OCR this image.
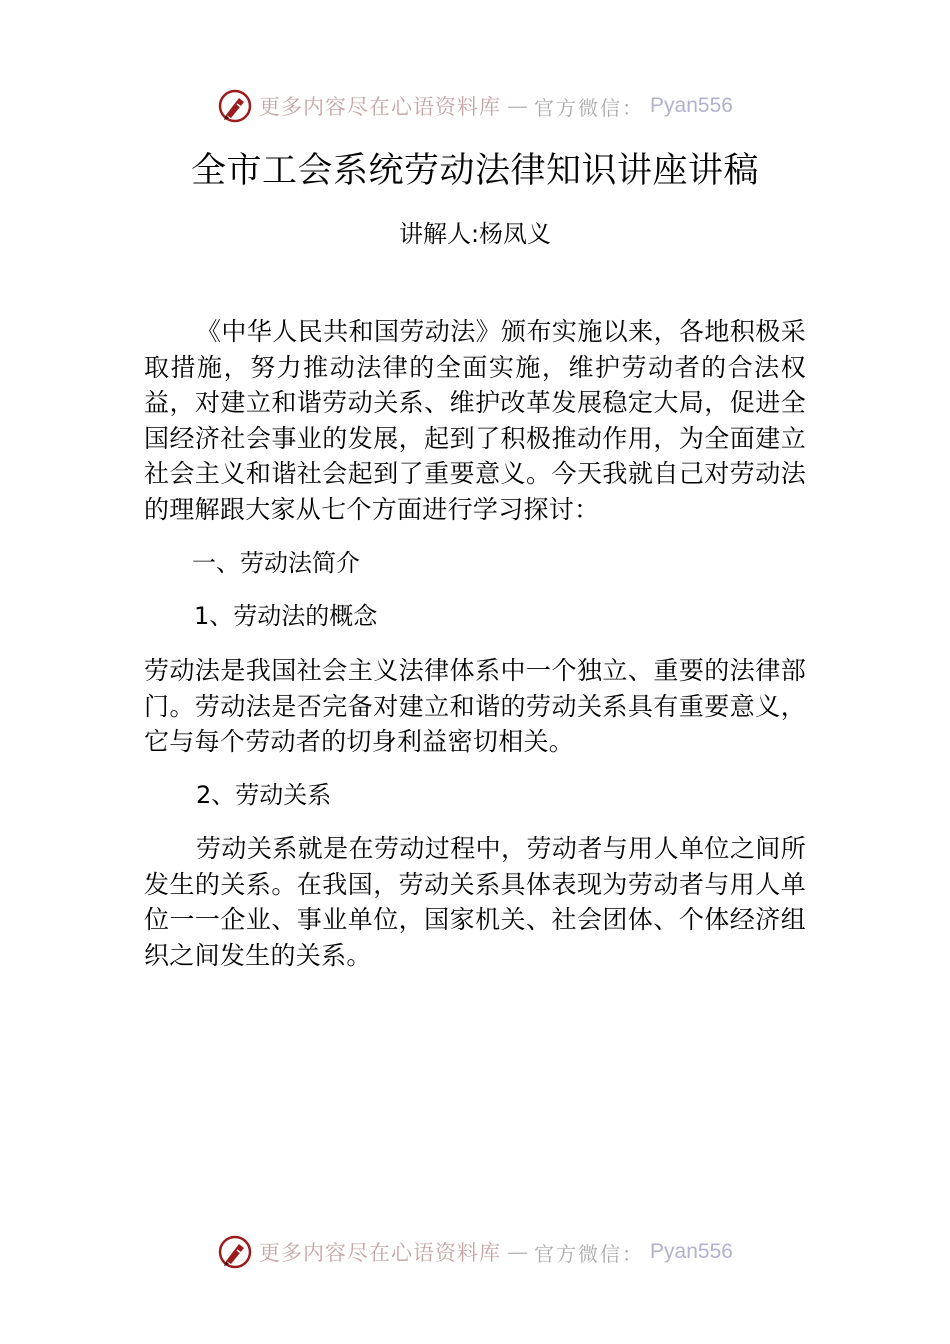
更多内容尽在心语资料库 — 官方微信： Pyan556
全市工会系统劳动法律知识讲座讲稿
讲解人:杨凤义
《中华人民共和国劳动法》颁布实施以来，各地积极采取措施，努力推动法律的全面实施，维护劳动者的合法权益，对建立和谐劳动关系、维护改革发展稳定大局，促进全国经济社会事业的发展，起到了积极推动作用，为全面建立社会主义和谐社会起到了重要意义。今天我就自己对劳动法的理解跟大家从七个方面进行学习探讨：
一、劳动法简介
1、劳动法的概念
劳动法是我国社会主义法律体系中一个独立、重要的法律部门。劳动法是否完备对建立和谐的劳动关系具有重要意义，它与每个劳动者的切身利益密切相关。
2、劳动关系
劳动关系就是在劳动过程中，劳动者与用人单位之间所发生的关系。在我国，劳动关系具体表现为劳动者与用人单位一一企业、事业单位，国家机关、社会团体、个体经济组织之间发生的关系。
更多内容尽在心语资料库 — 官方微信： Pyan556
